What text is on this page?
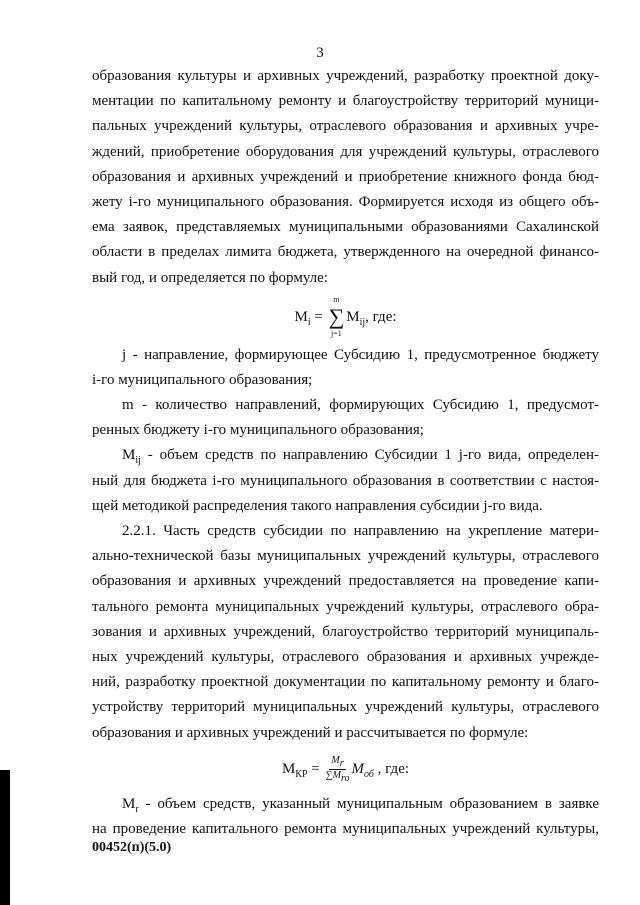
3
образования культуры и архивных учреждений, разработку проектной доку-
ментации по капитальному ремонту и благоустройству территорий муници-
пальных учреждений культуры, отраслевого образования и архивных учре-
ждений, приобретение оборудования для учреждений культуры, отраслевого
образования и архивных учреждений и приобретение книжного фонда бюд-
жету i-го муниципального образования. Формируется исходя из общего объ-
ема заявок, представляемых муниципальными образованиями Сахалинской
области в пределах лимита бюджета, утвержденного на очередной финансо-
вый год, и определяется по формуле:
$M_i$ = ∑
m
j=1
$M_{ij}$, где:
j - направление, формирующее Субсидию 1, предусмотренное бюджету
i-го муниципального образования;
m - количество направлений, формирующих Субсидию 1, предусмот-
ренных бюджету i-го муниципального образования;
$M_{ij}$ - объем средств по направлению Субсидии 1 j-го вида, определен-
ный для бюджета i-го муниципального образования в соответствии с настоя-
щей методикой распределения такого направления субсидии j-го вида.
2.2.1. Часть средств субсидии по направлению на укрепление матери-
ально-технической базы муниципальных учреждений культуры, отраслевого
образования и архивных учреждений предоставляется на проведение капи-
тального ремонта муниципальных учреждений культуры, отраслевого обра-
зования и архивных учреждений, благоустройство территорий муниципаль-
ных учреждений культуры, отраслевого образования и архивных учрежде-
ний, разработку проектной документации по капитальному ремонту и благо-
устройству территорий муниципальных учреждений культуры, отраслевого
образования и архивных учреждений и рассчитывается по формуле:
$M_{КР} = \frac{M_r}{\sum M_{ro}} M_{об}$ , где:
$M_r$ - объем средств, указанный муниципальным образованием в заявке
на проведение капитального ремонта муниципальных учреждений культуры,
00452(п)(5.0)
